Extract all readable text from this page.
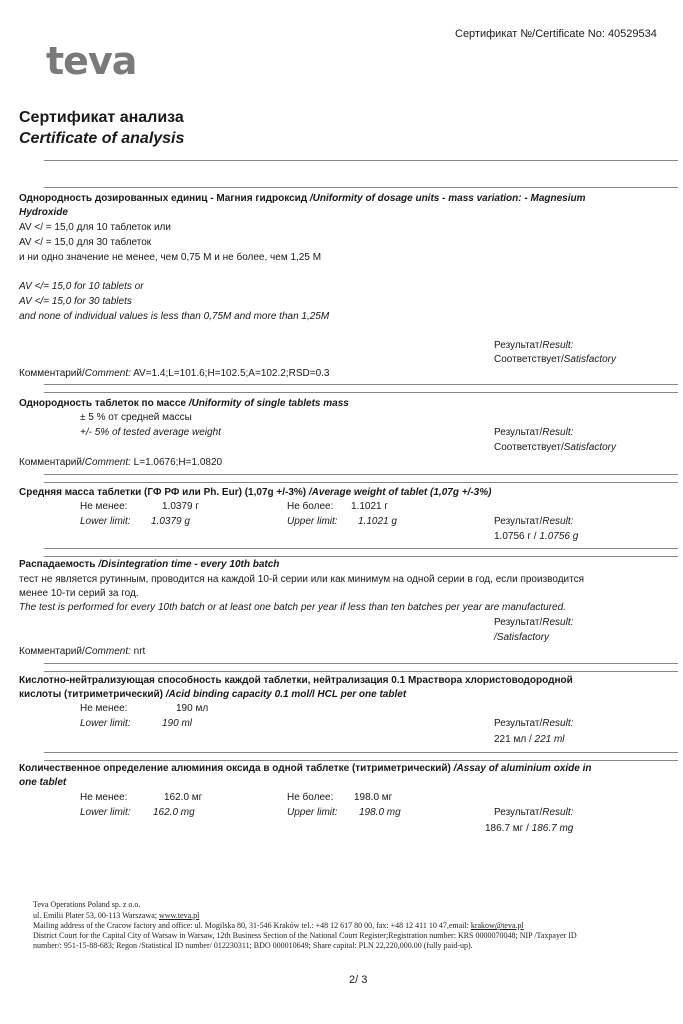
Сертификат №/Certificate No: 40529534
teva
Сертификат анализа
Certificate of analysis
Однородность дозированных единиц - Магния гидроксид /Uniformity of dosage units - mass variation: - Magnesium
Hydroxide
AV </ = 15,0 для 10 таблеток или
AV </ = 15,0 для 30 таблеток
и ни одно значение не менее, чем 0,75 M и не более, чем 1,25 M
AV </= 15,0 for 10 tablets or
AV </= 15,0 for 30 tablets
and none of individual values is less than 0,75M and more than 1,25M
Результат/Result:
Соответствует/Satisfactory
Комментарий/Comment: AV=1.4;L=101.6;H=102.5;A=102.2;RSD=0.3
Однородность таблеток по массе /Uniformity of single tablets mass
± 5 % от средней массы
+/- 5% of tested average weight	Результат/Result:
Соответствует/Satisfactory
Комментарий/Comment: L=1.0676;H=1.0820
Средняя масса таблетки (ГФ РФ или Ph. Eur) (1,07g +/-3%) /Average weight of tablet (1,07g +/-3%)
Не менее:	1.0379 г	Не более: 1.1021 г
Lower limit: 1.0379 g	Upper limit: 1.1021 g	Результат/Result:
1.0756 г / 1.0756 g
Распадаемость /Disintegration time - every 10th batch
тест не является рутинным, проводится на каждой 10-й серии или как минимум на одной серии в год, если производится
менее 10-ти серий за год.
The test is performed for every 10th batch or at least one batch per year if less than ten batches per year are manufactured.
Результат/Result:
/Satisfactory
Комментарий/Comment: nrt
Кислотно-нейтрализующая способность каждой таблетки, нейтрализация 0.1 Мраствора хлористоводородной
кислоты (титриметрический) /Acid binding capacity 0.1 mol/l HCL per one tablet
Не менее:	190 мл
Lower limit:	190 ml	Результат/Result:
221 мл / 221 ml
Количественное определение алюминия оксида в одной таблетке (титриметрический) /Assay of aluminium oxide in
one tablet
Не менее:	162.0 мг	Не более: 198.0 мг
Lower limit: 162.0 mg	Upper limit: 198.0 mg	Результат/Result:
186.7 мг / 186.7 mg
Teva Operations Poland sp. z o.o.
ul. Emilii Plater 53, 00-113 Warszawa; www.teva.pl
Mailing address of the Cracow factory and office: ul. Mogilska 80, 31-546 Kraków tel.: +48 12 617 80 00, fax: +48 12 411 10 47,email: krakow@teva.pl
District Court for the Capital City of Warsaw in Warsaw, 12th Business Section of the National Court Register;Registration number: KRS 0000070048; NIP /Taxpayer ID
number/: 951-15-88-683; Regon /Statistical ID number/ 012230311; BDO 000010649; Share capital: PLN 22,220,000.00 (fully paid-up).
2/ 3
